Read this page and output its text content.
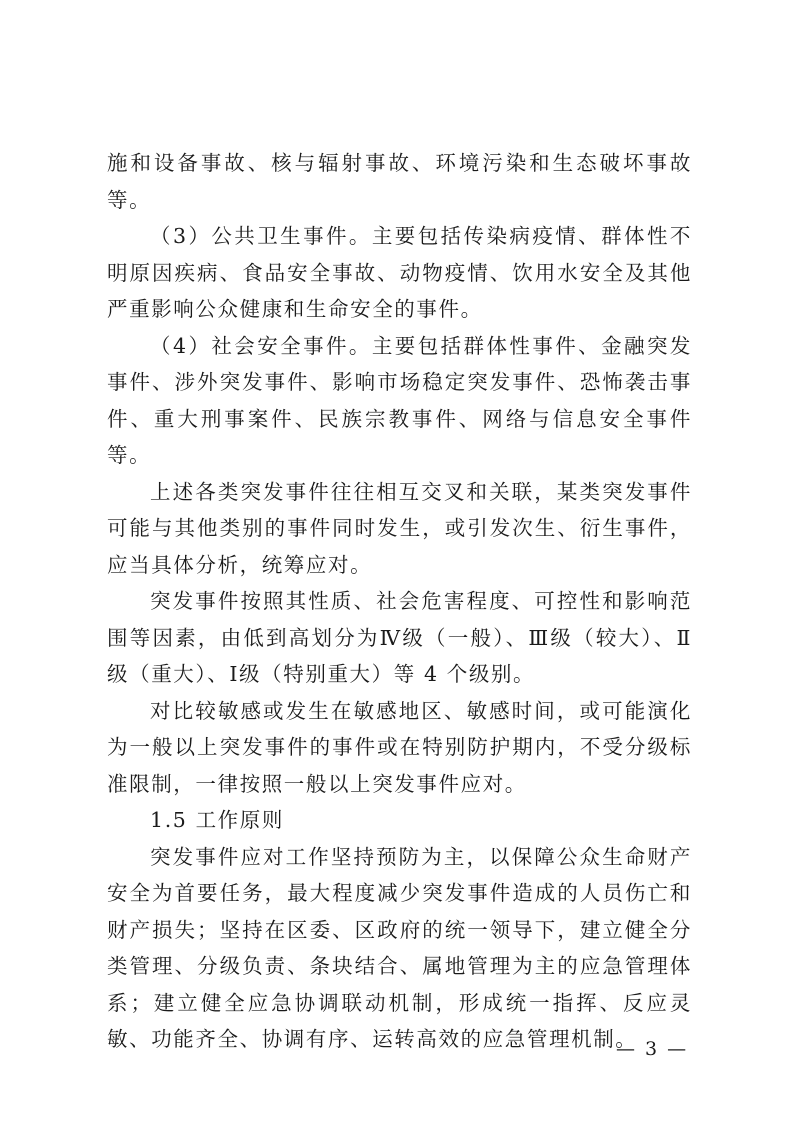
施和设备事故、核与辐射事故、环境污染和生态破坏事故等。

（3）公共卫生事件。主要包括传染病疫情、群体性不明原因疾病、食品安全事故、动物疫情、饮用水安全及其他严重影响公众健康和生命安全的事件。

（4）社会安全事件。主要包括群体性事件、金融突发事件、涉外突发事件、影响市场稳定突发事件、恐怖袭击事件、重大刑事案件、民族宗教事件、网络与信息安全事件等。

上述各类突发事件往往相互交叉和关联，某类突发事件可能与其他类别的事件同时发生，或引发次生、衍生事件，应当具体分析，统筹应对。

突发事件按照其性质、社会危害程度、可控性和影响范围等因素，由低到高划分为Ⅳ级（一般）、Ⅲ级（较大）、Ⅱ级（重大）、Ⅰ级（特别重大）等 4 个级别。

对比较敏感或发生在敏感地区、敏感时间，或可能演化为一般以上突发事件的事件或在特别防护期内，不受分级标准限制，一律按照一般以上突发事件应对。

1.5 工作原则

突发事件应对工作坚持预防为主，以保障公众生命财产安全为首要任务，最大程度减少突发事件造成的人员伤亡和财产损失；坚持在区委、区政府的统一领导下，建立健全分类管理、分级负责、条块结合、属地管理为主的应急管理体系；建立健全应急协调联动机制，形成统一指挥、反应灵敏、功能齐全、协调有序、运转高效的应急管理机制。

— 3 —
